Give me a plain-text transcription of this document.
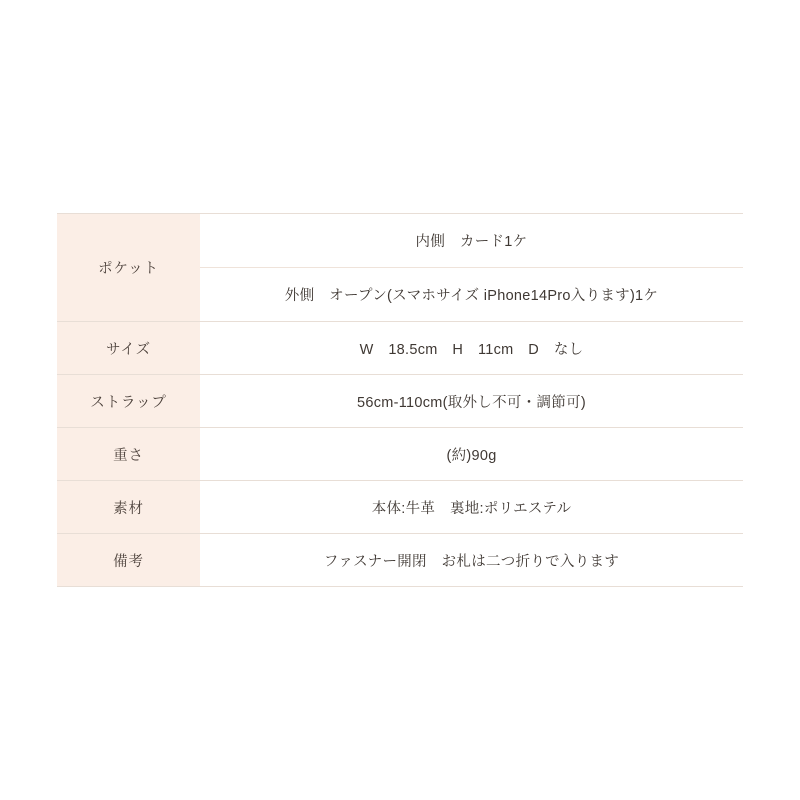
ポケット	内側　カード1ケ
	外側　オープン(スマホサイズ iPhone14Pro入ります)1ケ
サイズ	W　18.5cm　H　11cm　D　なし
ストラップ	56cm-110cm(取外し不可・調節可)
重さ	(約)90g
素材	本体:牛革　裏地:ポリエステル
備考	ファスナー開閉　お札は二つ折りで入ります
